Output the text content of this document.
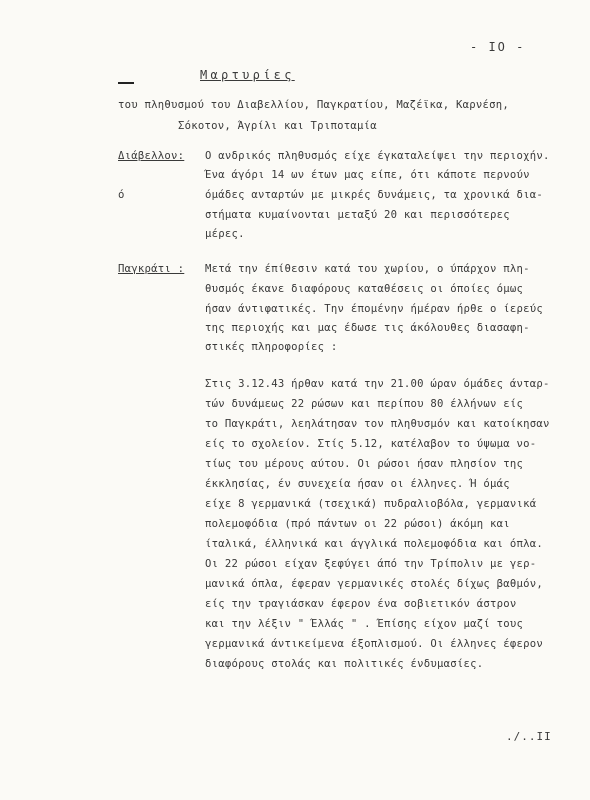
- IO -
Μαρτυρίες
του πληθυσμού του Διαβελλίου, Παγκρατίου, Μαζέϊκα, Καρνέση,
Σόκοτον, Άγρίλι και Τριποταμία
Διάβελλον: Ο ανδρικός πληθυσμός είχε έγκαταλείψει την περιοχήν.
Ένα άγόρι 14 ων έτων μας είπε, ότι κάποτε περνούν
όμάδες ανταρτών με μικρές δυνάμεις, τα χρονικά δια-
στήματα κυμαίνονται μεταξύ 20 και περισσότερες
μέρες.
ό
Παγκράτι : Μετά την έπίθεσιν κατά του χωρίου, ο ύπάρχον πλη-
θυσμός έκανε διαφόρους καταθέσεις οι όποίες όμως
ήσαν άντιφατικές. Την έπομένην ήμέραν ήρθε ο ίερεύς
της περιοχής και μας έδωσε τις άκόλουθες διασαφη-
στικές πληροφορίες :
Στις 3.12.43 ήρθαν κατά την 21.00 ώραν όμάδες άνταρ-
τών δυνάμεως 22 ρώσων και περίπου 80 έλλήνων είς
το Παγκράτι, λεηλάτησαν τον πληθυσμόν και κατοίκησαν
είς το σχολείον. Στίς 5.12, κατέλαβον το ύψωμα νο-
τίως του μέρους αύτου. Οι ρώσοι ήσαν πλησίον της
έκκλησίας, έν συνεχεία ήσαν οι έλληνες. Ή όμάς
είχε 8 γερμανικά (τσεχικά) πυδραλιοβόλα, γερμανικά
πολεμοφόδια (πρό πάντων οι 22 ρώσοι) άκόμη και
ίταλικά, έλληνικά και άγγλικά πολεμοφόδια και όπλα.
Οι 22 ρώσοι είχαν ξεφύγει άπό την Τρίπολιν με γερ-
μανικά όπλα, έφεραν γερμανικές στολές δίχως βαθμόν,
είς την τραγιάσκαν έφερον ένα σοβιετικόν άστρον
και την λέξιν " Έλλάς " . Έπίσης είχον μαζί τους
γερμανικά άντικείμενα έξοπλισμού. Οι έλληνες έφερον
διαφόρους στολάς και πολιτικές ένδυμασίες.
./..II
